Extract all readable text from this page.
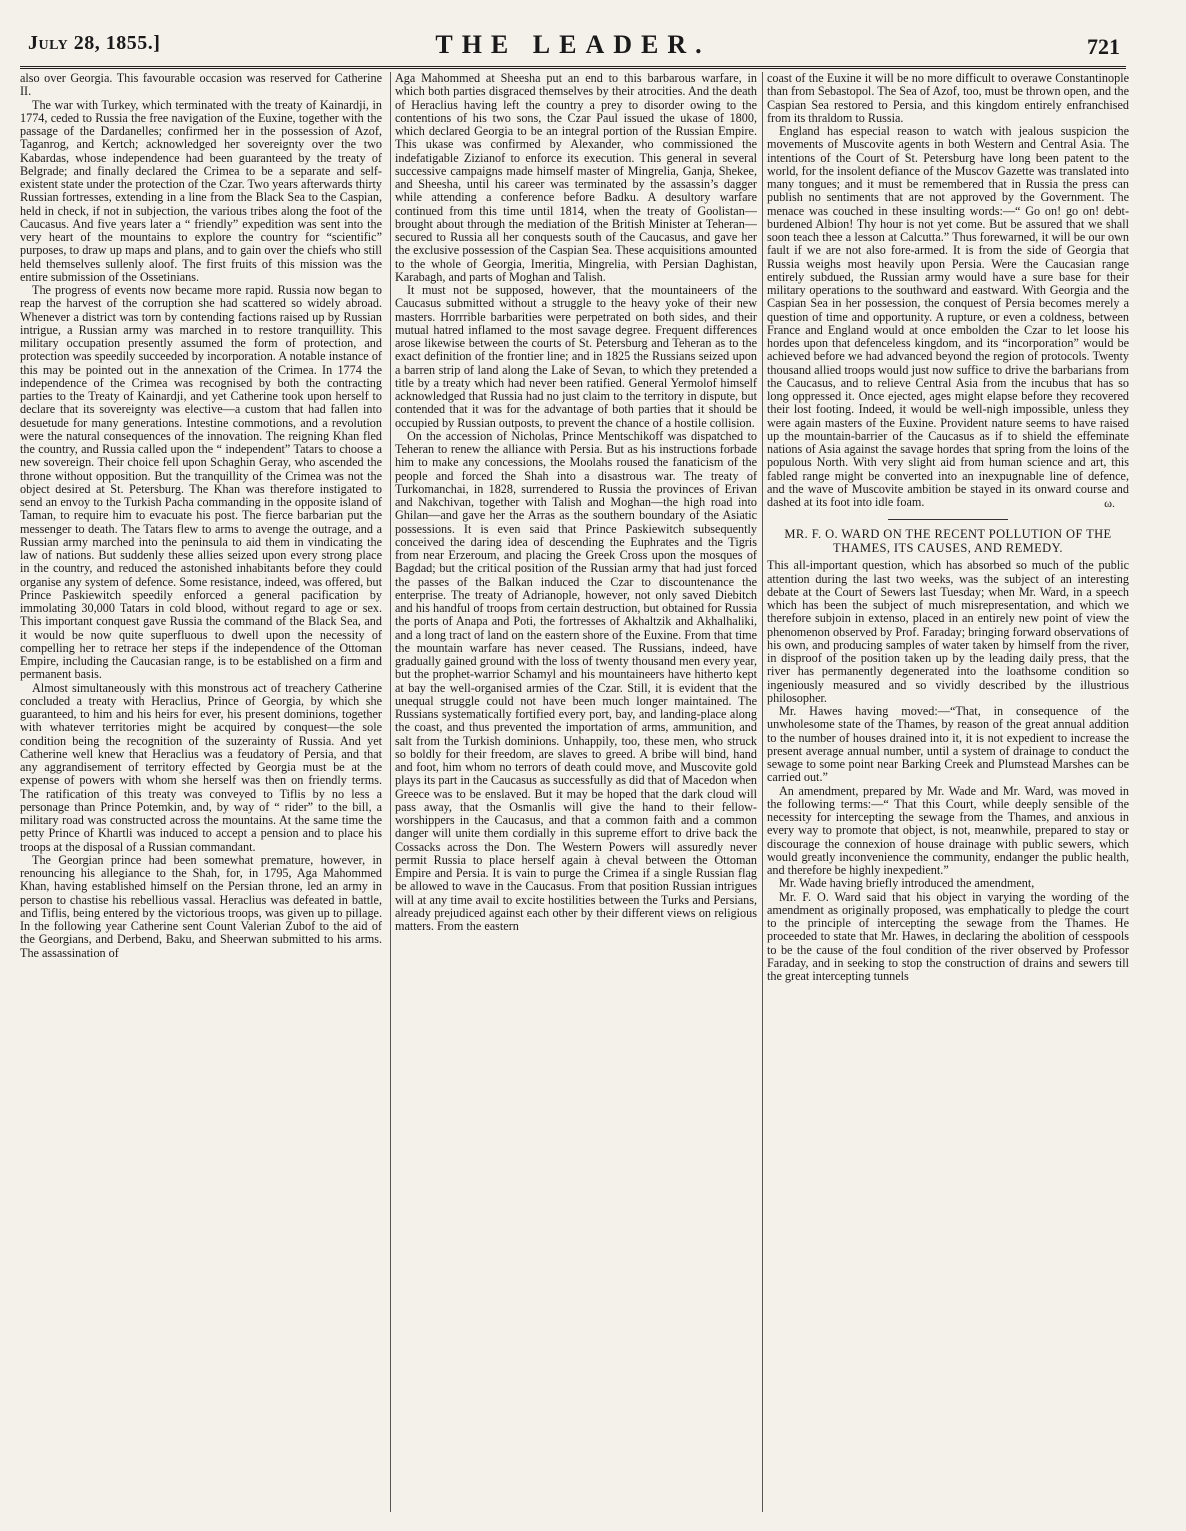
July 28, 1855.]	THE LEADER.	721

also over Georgia. This favourable occasion was reserved for Catherine II.

The war with Turkey, which terminated with the treaty of Kainardji, in 1774, ceded to Russia the free navigation of the Euxine, together with the passage of the Dardanelles; confirmed her in the possession of Azof, Taganrog, and Kertch; acknowledged her sovereignty over the two Kabardas, whose independence had been guaranteed by the treaty of Belgrade; and finally declared the Crimea to be a separate and self-existent state under the protection of the Czar. Two years afterwards thirty Russian fortresses, extending in a line from the Black Sea to the Caspian, held in check, if not in subjection, the various tribes along the foot of the Caucasus. And five years later a “ friendly” expedition was sent into the very heart of the mountains to explore the country for “scientific” purposes, to draw up maps and plans, and to gain over the chiefs who still held themselves sullenly aloof. The first fruits of this mission was the entire submission of the Ossetinians.

The progress of events now became more rapid. Russia now began to reap the harvest of the corruption she had scattered so widely abroad. Whenever a district was torn by contending factions raised up by Russian intrigue, a Russian army was marched in to restore tranquillity. This military occupation presently assumed the form of protection, and protection was speedily succeeded by incorporation. A notable instance of this may be pointed out in the annexation of the Crimea. In 1774 the independence of the Crimea was recognised by both the contracting parties to the Treaty of Kainardji, and yet Catherine took upon herself to declare that its sovereignty was elective—a custom that had fallen into desuetude for many generations. Intestine commotions, and a revolution were the natural consequences of the innovation. The reigning Khan fled the country, and Russia called upon the “ independent” Tatars to choose a new sovereign. Their choice fell upon Schaghin Geray, who ascended the throne without opposition. But the tranquillity of the Crimea was not the object desired at St. Petersburg. The Khan was therefore instigated to send an envoy to the Turkish Pacha commanding in the opposite island of Taman, to require him to evacuate his post. The fierce barbarian put the messenger to death. The Tatars flew to arms to avenge the outrage, and a Russian army marched into the peninsula to aid them in vindicating the law of nations. But suddenly these allies seized upon every strong place in the country, and reduced the astonished inhabitants before they could organise any system of defence. Some resistance, indeed, was offered, but Prince Paskiewitch speedily enforced a general pacification by immolating 30,000 Tatars in cold blood, without regard to age or sex. This important conquest gave Russia the command of the Black Sea, and it would be now quite superfluous to dwell upon the necessity of compelling her to retrace her steps if the independence of the Ottoman Empire, including the Caucasian range, is to be established on a firm and permanent basis.

Almost simultaneously with this monstrous act of treachery Catherine concluded a treaty with Heraclius, Prince of Georgia, by which she guaranteed, to him and his heirs for ever, his present dominions, together with whatever territories might be acquired by conquest—the sole condition being the recognition of the suzerainty of Russia. And yet Catherine well knew that Heraclius was a feudatory of Persia, and that any aggrandisement of territory effected by Georgia must be at the expense of powers with whom she herself was then on friendly terms. The ratification of this treaty was conveyed to Tiflis by no less a personage than Prince Potemkin, and, by way of “ rider” to the bill, a military road was constructed across the mountains. At the same time the petty Prince of Khartli was induced to accept a pension and to place his troops at the disposal of a Russian commandant.

The Georgian prince had been somewhat premature, however, in renouncing his allegiance to the Shah, for, in 1795, Aga Mahommed Khan, having established himself on the Persian throne, led an army in person to chastise his rebellious vassal. Heraclius was defeated in battle, and Tiflis, being entered by the victorious troops, was given up to pillage. In the following year Catherine sent Count Valerian Zubof to the aid of the Georgians, and Derbend, Baku, and Sheerwan submitted to his arms. The assassination of

Aga Mahommed at Sheesha put an end to this barbarous warfare, in which both parties disgraced themselves by their atrocities. And the death of Heraclius having left the country a prey to disorder owing to the contentions of his two sons, the Czar Paul issued the ukase of 1800, which declared Georgia to be an integral portion of the Russian Empire. This ukase was confirmed by Alexander, who commissioned the indefatigable Zizianof to enforce its execution. This general in several successive campaigns made himself master of Mingrelia, Ganja, Shekee, and Sheesha, until his career was terminated by the assassin’s dagger while attending a conference before Badku. A desultory warfare continued from this time until 1814, when the treaty of Goolistan—brought about through the mediation of the British Minister at Teheran—secured to Russia all her conquests south of the Caucasus, and gave her the exclusive possession of the Caspian Sea. These acquisitions amounted to the whole of Georgia, Imeritia, Mingrelia, with Persian Daghistan, Karabagh, and parts of Moghan and Talish.

It must not be supposed, however, that the mountaineers of the Caucasus submitted without a struggle to the heavy yoke of their new masters. Horrrible barbarities were perpetrated on both sides, and their mutual hatred inflamed to the most savage degree. Frequent differences arose likewise between the courts of St. Petersburg and Teheran as to the exact definition of the frontier line; and in 1825 the Russians seized upon a barren strip of land along the Lake of Sevan, to which they pretended a title by a treaty which had never been ratified. General Yermolof himself acknowledged that Russia had no just claim to the territory in dispute, but contended that it was for the advantage of both parties that it should be occupied by Russian outposts, to prevent the chance of a hostile collision.

On the accession of Nicholas, Prince Mentschikoff was dispatched to Teheran to renew the alliance with Persia. But as his instructions forbade him to make any concessions, the Moolahs roused the fanaticism of the people and forced the Shah into a disastrous war. The treaty of Turkomanchai, in 1828, surrendered to Russia the provinces of Erivan and Nakchivan, together with Talish and Moghan—the high road into Ghilan—and gave her the Arras as the southern boundary of the Asiatic possessions. It is even said that Prince Paskiewitch subsequently conceived the daring idea of descending the Euphrates and the Tigris from near Erzeroum, and placing the Greek Cross upon the mosques of Bagdad; but the critical position of the Russian army that had just forced the passes of the Balkan induced the Czar to discountenance the enterprise. The treaty of Adrianople, however, not only saved Diebitch and his handful of troops from certain destruction, but obtained for Russia the ports of Anapa and Poti, the fortresses of Akhaltzik and Akhalhaliki, and a long tract of land on the eastern shore of the Euxine. From that time the mountain warfare has never ceased. The Russians, indeed, have gradually gained ground with the loss of twenty thousand men every year, but the prophet-warrior Schamyl and his mountaineers have hitherto kept at bay the well-organised armies of the Czar. Still, it is evident that the unequal struggle could not have been much longer maintained. The Russians systematically fortified every port, bay, and landing-place along the coast, and thus prevented the importation of arms, ammunition, and salt from the Turkish dominions. Unhappily, too, these men, who struck so boldly for their freedom, are slaves to greed. A bribe will bind, hand and foot, him whom no terrors of death could move, and Muscovite gold plays its part in the Caucasus as successfully as did that of Macedon when Greece was to be enslaved. But it may be hoped that the dark cloud will pass away, that the Osmanlis will give the hand to their fellow-worshippers in the Caucasus, and that a common faith and a common danger will unite them cordially in this supreme effort to drive back the Cossacks across the Don. The Western Powers will assuredly never permit Russia to place herself again à cheval between the Ottoman Empire and Persia. It is vain to purge the Crimea if a single Russian flag be allowed to wave in the Caucasus. From that position Russian intrigues will at any time avail to excite hostilities between the Turks and Persians, already prejudiced against each other by their different views on religious matters. From the eastern

coast of the Euxine it will be no more difficult to overawe Constantinople than from Sebastopol. The Sea of Azof, too, must be thrown open, and the Caspian Sea restored to Persia, and this kingdom entirely enfranchised from its thraldom to Russia.

England has especial reason to watch with jealous suspicion the movements of Muscovite agents in both Western and Central Asia. The intentions of the Court of St. Petersburg have long been patent to the world, for the insolent defiance of the Muscov Gazette was translated into many tongues; and it must be remembered that in Russia the press can publish no sentiments that are not approved by the Government. The menace was couched in these insulting words:—“ Go on! go on! debt-burdened Albion! Thy hour is not yet come. But be assured that we shall soon teach thee a lesson at Calcutta.” Thus forewarned, it will be our own fault if we are not also fore-armed. It is from the side of Georgia that Russia weighs most heavily upon Persia. Were the Caucasian range entirely subdued, the Russian army would have a sure base for their military operations to the southward and eastward. With Georgia and the Caspian Sea in her possession, the conquest of Persia becomes merely a question of time and opportunity. A rupture, or even a coldness, between France and England would at once embolden the Czar to let loose his hordes upon that defenceless kingdom, and its “incorporation” would be achieved before we had advanced beyond the region of protocols. Twenty thousand allied troops would just now suffice to drive the barbarians from the Caucasus, and to relieve Central Asia from the incubus that has so long oppressed it. Once ejected, ages might elapse before they recovered their lost footing. Indeed, it would be well-nigh impossible, unless they were again masters of the Euxine. Provident nature seems to have raised up the mountain-barrier of the Caucasus as if to shield the effeminate nations of Asia against the savage hordes that spring from the loins of the populous North. With very slight aid from human science and art, this fabled range might be converted into an inexpugnable line of defence, and the wave of Muscovite ambition be stayed in its onward course and dashed at its foot into idle foam.	ω.
MR. F. O. WARD ON THE RECENT POLLUTION OF THE THAMES, ITS CAUSES, AND REMEDY.

This all-important question, which has absorbed so much of the public attention during the last two weeks, was the subject of an interesting debate at the Court of Sewers last Tuesday; when Mr. Ward, in a speech which has been the subject of much misrepresentation, and which we therefore subjoin in extenso, placed in an entirely new point of view the phenomenon observed by Prof. Faraday; bringing forward observations of his own, and producing samples of water taken by himself from the river, in disproof of the position taken up by the leading daily press, that the river has permanently degenerated into the loathsome condition so ingeniously measured and so vividly described by the illustrious philosopher.

Mr. Hawes having moved:—“That, in consequence of the unwholesome state of the Thames, by reason of the great annual addition to the number of houses drained into it, it is not expedient to increase the present average annual number, until a system of drainage to conduct the sewage to some point near Barking Creek and Plumstead Marshes can be carried out.”

An amendment, prepared by Mr. Wade and Mr. Ward, was moved in the following terms:—“ That this Court, while deeply sensible of the necessity for intercepting the sewage from the Thames, and anxious in every way to promote that object, is not, meanwhile, prepared to stay or discourage the connexion of house drainage with public sewers, which would greatly inconvenience the community, endanger the public health, and therefore be highly inexpedient.”

Mr. Wade having briefly introduced the amendment,

Mr. F. O. Ward said that his object in varying the wording of the amendment as originally proposed, was emphatically to pledge the court to the principle of intercepting the sewage from the Thames. He proceeded to state that Mr. Hawes, in declaring the abolition of cesspools to be the cause of the foul condition of the river observed by Professor Faraday, and in seeking to stop the construction of drains and sewers till the great intercepting tunnels
